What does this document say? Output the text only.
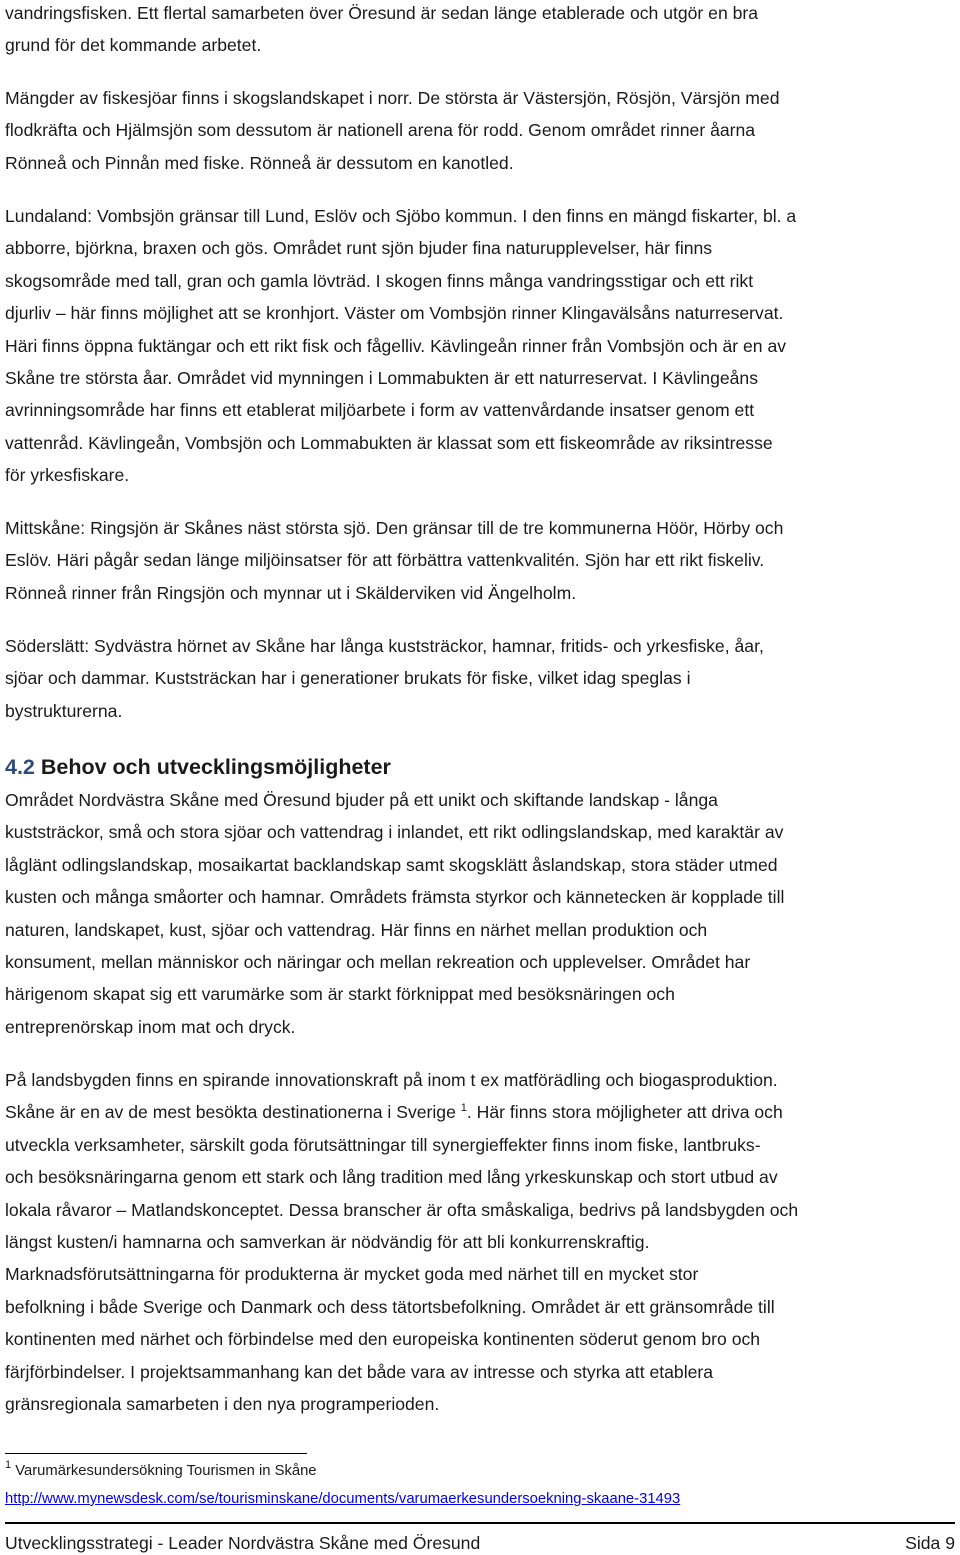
vandringsfisken. Ett flertal samarbeten över Öresund är sedan länge etablerade och utgör en bra
grund för det kommande arbetet.
Mängder av fiskesjöar finns i skogslandskapet i norr. De största är Västersjön, Rösjön, Värsjön med
flodkräfta och Hjälmsjön som dessutom är nationell arena för rodd. Genom området rinner åarna
Rönneå och Pinnån med fiske. Rönneå är dessutom en kanotled.
Lundaland: Vombsjön gränsar till Lund, Eslöv och Sjöbo kommun. I den finns en mängd fiskarter, bl. a
abborre, björkna, braxen och gös. Området runt sjön bjuder fina naturupplevelser, här finns
skogsområde med tall, gran och gamla lövträd. I skogen finns många vandringsstigar och ett rikt
djurliv – här finns möjlighet att se kronhjort. Väster om Vombsjön rinner Klingavälsåns naturreservat.
Häri finns öppna fuktängar och ett rikt fisk och fågelliv. Kävlingeån rinner från Vombsjön och är en av
Skåne tre största åar. Området vid mynningen i Lommabukten är ett naturreservat. I Kävlingeåns
avrinningsområde har finns ett etablerat miljöarbete i form av vattenvårdande insatser genom ett
vattenråd. Kävlingeån, Vombsjön och Lommabukten är klassat som ett fiskeområde av riksintresse
för yrkesfiskare.
Mittskåne: Ringsjön är Skånes näst största sjö. Den gränsar till de tre kommunerna Höör, Hörby och
Eslöv. Häri pågår sedan länge miljöinsatser för att förbättra vattenkvalitén. Sjön har ett rikt fiskeliv.
Rönneå rinner från Ringsjön och mynnar ut i Skälderviken vid Ängelholm.
Söderslätt: Sydvästra hörnet av Skåne har långa kuststräckor, hamnar, fritids- och yrkesfiske, åar,
sjöar och dammar. Kuststräckan har i generationer brukats för fiske, vilket idag speglas i
bystrukturerna.
4.2 Behov och utvecklingsmöjligheter
Området Nordvästra Skåne med Öresund bjuder på ett unikt och skiftande landskap - långa
kuststräckor, små och stora sjöar och vattendrag i inlandet, ett rikt odlingslandskap, med karaktär av
låglänt odlingslandskap, mosaikartat backlandskap samt skogsklätt åslandskap, stora städer utmed
kusten och många småorter och hamnar. Områdets främsta styrkor och kännetecken är kopplade till
naturen, landskapet, kust, sjöar och vattendrag. Här finns en närhet mellan produktion och
konsument, mellan människor och näringar och mellan rekreation och upplevelser. Området har
härigenom skapat sig ett varumärke som är starkt förknippat med besöksnäringen och
entreprenörskap inom mat och dryck.
På landsbygden finns en spirande innovationskraft på inom t ex matförädling och biogasproduktion.
Skåne är en av de mest besökta destinationerna i Sverige $^1$. Här finns stora möjligheter att driva och
utveckla verksamheter, särskilt goda förutsättningar till synergieffekter finns inom fiske, lantbruks-
och besöksnäringarna genom ett stark och lång tradition med lång yrkeskunskap och stort utbud av
lokala råvaror – Matlandskonceptet. Dessa branscher är ofta småskaliga, bedrivs på landsbygden och
längst kusten/i hamnarna och samverkan är nödvändig för att bli konkurrenskraftig.
Marknadsförutsättningarna för produkterna är mycket goda med närhet till en mycket stor
befolkning i både Sverige och Danmark och dess tätortsbefolkning. Området är ett gränsområde till
kontinenten med närhet och förbindelse med den europeiska kontinenten söderut genom bro och
färjförbindelser. I projektsammanhang kan det både vara av intresse och styrka att etablera
gränsregionala samarbeten i den nya programperioden.
$^1$ Varumärkesundersökning Tourismen in Skåne
http://www.mynewsdesk.com/se/tourisminskane/documents/varumaerkesundersoekning-skaane-31493
Utvecklingsstrategi - Leader Nordvästra Skåne med Öresund	Sida 9
